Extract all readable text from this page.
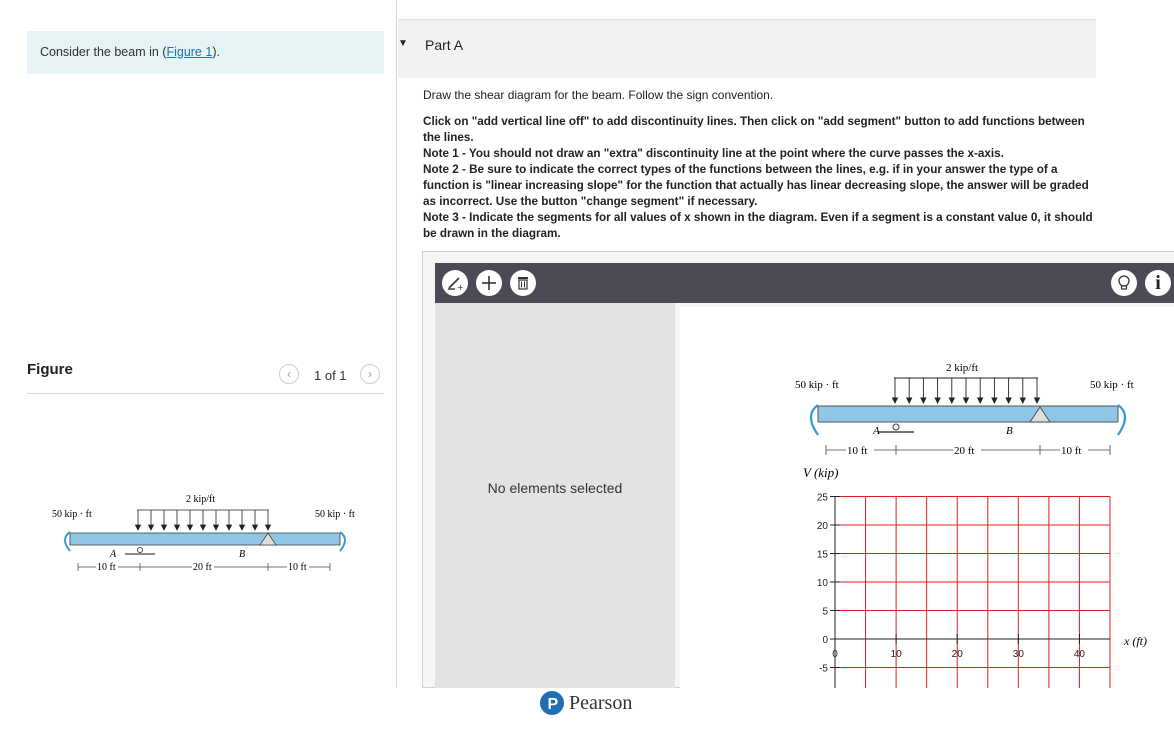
Consider the beam in (Figure 1).
Figure	‹ 1 of 1 ›
50 kip · ft	50 kip · ft
2 kip/ft
A	B
10 ft	20 ft	10 ft
▼ Part A
Draw the shear diagram for the beam. Follow the sign convention.
Click on "add vertical line off" to add discontinuity lines. Then click on "add segment" button to add functions between the lines.
Note 1 - You should not draw an "extra" discontinuity line at the point where the curve passes the x-axis.
Note 2 - Be sure to indicate the correct types of the functions between the lines, e.g. if in your answer the type of a function is "linear increasing slope" for the function that actually has linear decreasing slope, the answer will be graded as incorrect. Use the button "change segment" if necessary.
Note 3 - Indicate the segments for all values of x shown in the diagram. Even if a segment is a constant value 0, it should be drawn in the diagram.
+	i
No elements selected
50 kip · ft	50 kip · ft
2 kip/ft
A	B
10 ft	20 ft	10 ft
V (kip)
x (ft)
25
20
15
10
5
0
-5
0	10	20	30	40
P Pearson
